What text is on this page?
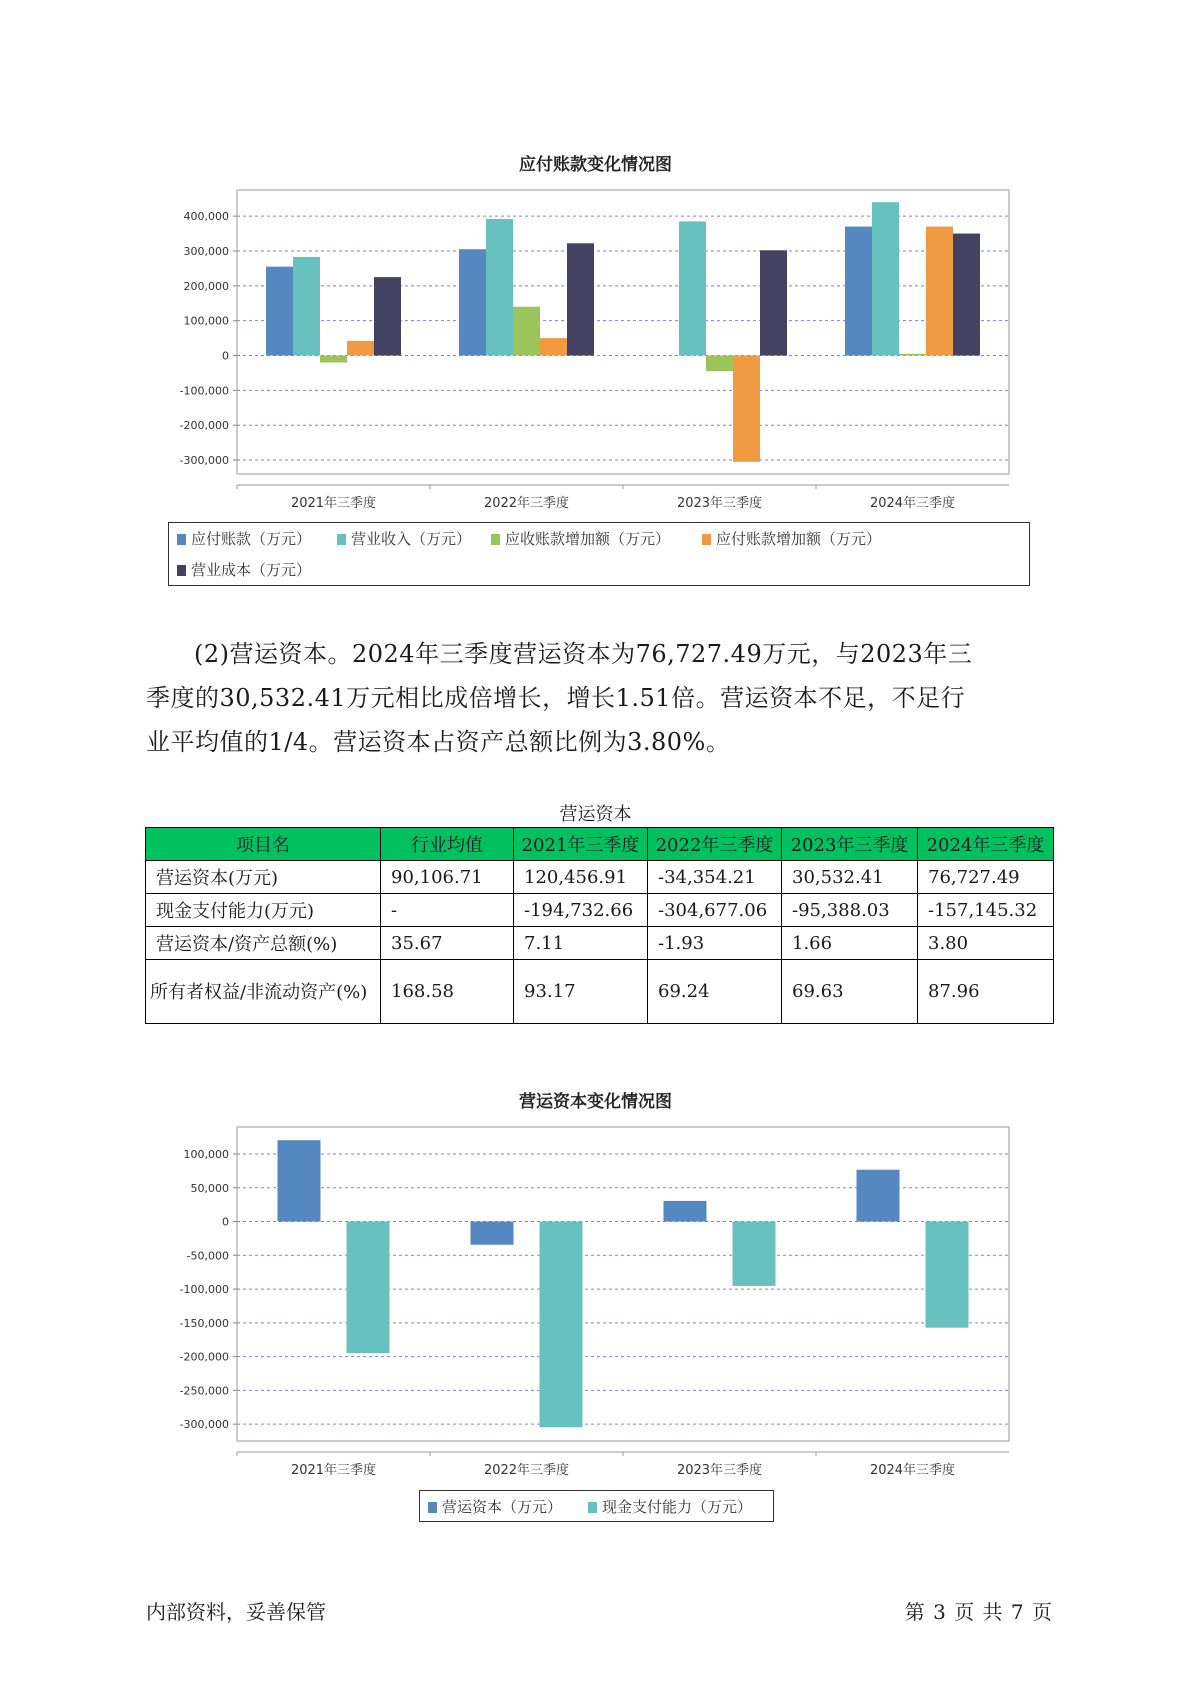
应付账款变化情况图
400,000
300,000
200,000
100,000
0
-100,000
-200,000
-300,000
2021年三季度	2022年三季度	2023年三季度	2024年三季度
应付账款（万元）	营业收入（万元）	应收账款增加额（万元）	应付账款增加额（万元）
营业成本（万元）

(2)营运资本。2024年三季度营运资本为76,727.49万元，与2023年三

季度的30,532.41万元相比成倍增长，增长1.51倍。营运资本不足，不足行

业平均值的1/4。营运资本占资产总额比例为3.80%。

营运资本
项目名	行业均值	2021年三季度	2022年三季度	2023年三季度	2024年三季度
营运资本(万元)	90,106.71	120,456.91	-34,354.21	30,532.41	76,727.49
现金支付能力(万元)	-	-194,732.66	-304,677.06	-95,388.03	-157,145.32
营运资本/资产总额(%)	35.67	7.11	-1.93	1.66	3.80
所有者权益/非流动资产(%)	168.58	93.17	69.24	69.63	87.96
营运资本变化情况图
100,000
50,000
0
-50,000
-100,000
-150,000
-200,000
-250,000
-300,000
2021年三季度	2022年三季度	2023年三季度	2024年三季度
营运资本（万元）	现金支付能力（万元）
内部资料，妥善保管	第 3 页 共 7 页
